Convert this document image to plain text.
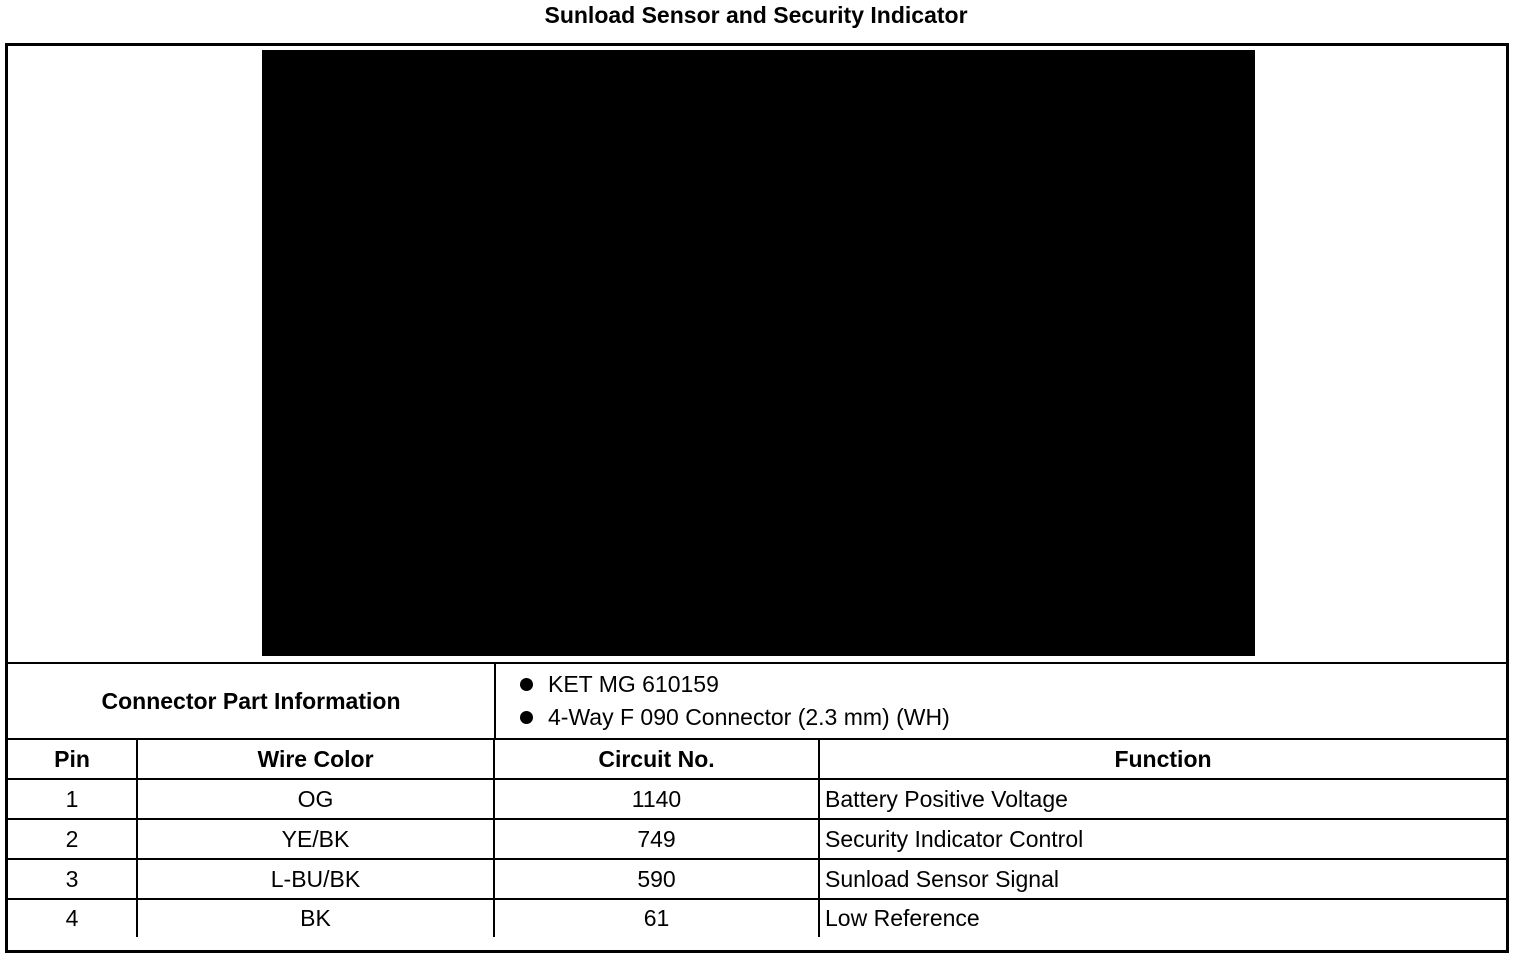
Sunload Sensor and Security Indicator
Connector Part Information
KET MG 610159
4-Way F 090 Connector (2.3 mm) (WH)
Pin	Wire Color	Circuit No.	Function
1	OG	1140	Battery Positive Voltage
2	YE/BK	749	Security Indicator Control
3	L-BU/BK	590	Sunload Sensor Signal
4	BK	61	Low Reference
